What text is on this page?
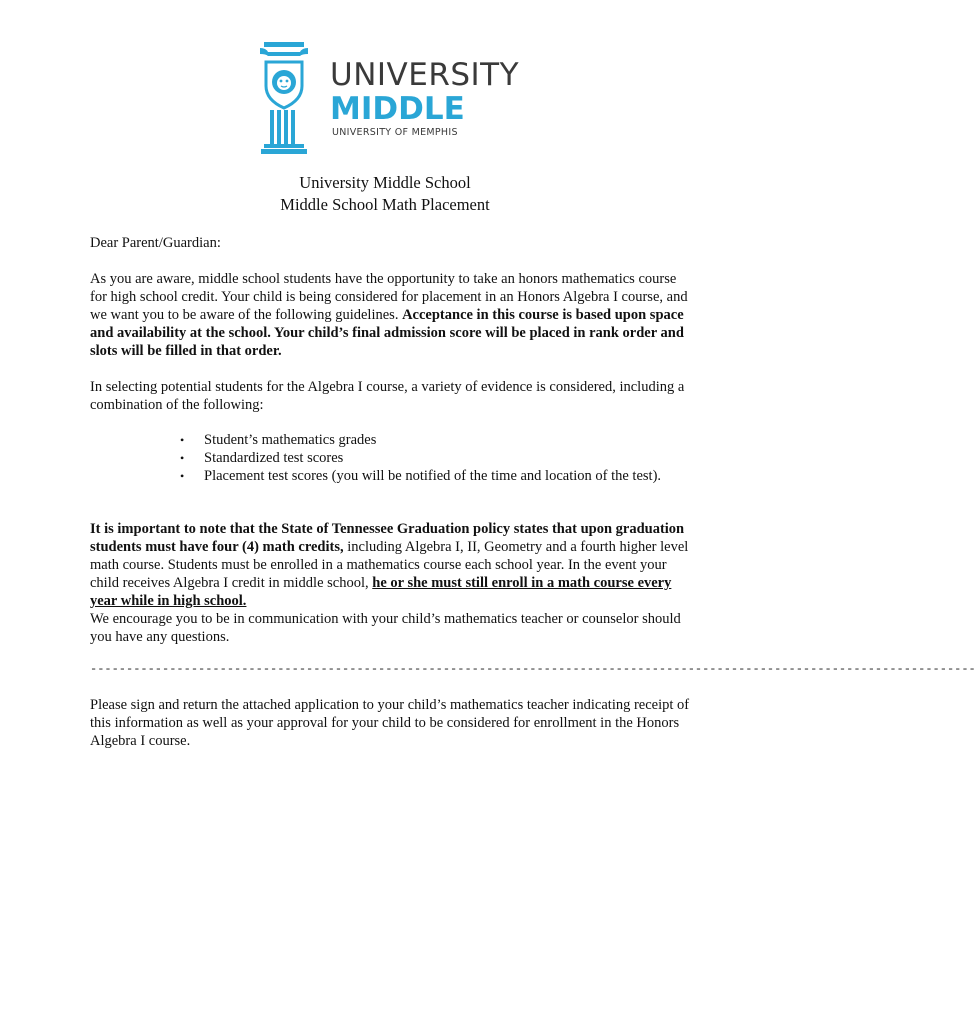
UNIVERSITY
MIDDLE
UNIVERSITY OF MEMPHIS
University Middle School
Middle School Math Placement
Dear Parent/Guardian:
As you are aware, middle school students have the opportunity to take an honors mathematics course for high school credit. Your child is being considered for placement in an Honors Algebra I course, and we want you to be aware of the following guidelines. Acceptance in this course is based upon space and availability at the school. Your child’s final admission score will be placed in rank order and slots will be filled in that order.
In selecting potential students for the Algebra I course, a variety of evidence is considered, including a combination of the following:
• Student’s mathematics grades
• Standardized test scores
• Placement test scores (you will be notified of the time and location of the test).
It is important to note that the State of Tennessee Graduation policy states that upon graduation students must have four (4) math credits, including Algebra I, II, Geometry and a fourth higher level math course. Students must be enrolled in a mathematics course each school year. In the event your child receives Algebra I credit in middle school, he or she must still enroll in a math course every year while in high school.
We encourage you to be in communication with your child’s mathematics teacher or counselor should you have any questions.
---------------------------------------------------------------------------------------------------------------------------
Please sign and return the attached application to your child’s mathematics teacher indicating receipt of this information as well as your approval for your child to be considered for enrollment in the Honors Algebra I course.
